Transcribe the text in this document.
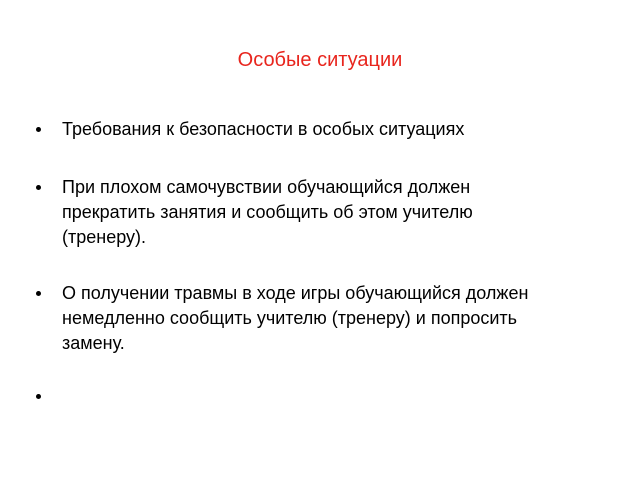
Особые ситуации
Требования к безопасности в особых ситуациях
При плохом самочувствии обучающийся должен прекратить занятия и сообщить об этом учителю (тренеру).
О получении травмы в ходе игры обучающийся должен немедленно сообщить учителю (тренеру) и попросить замену.
